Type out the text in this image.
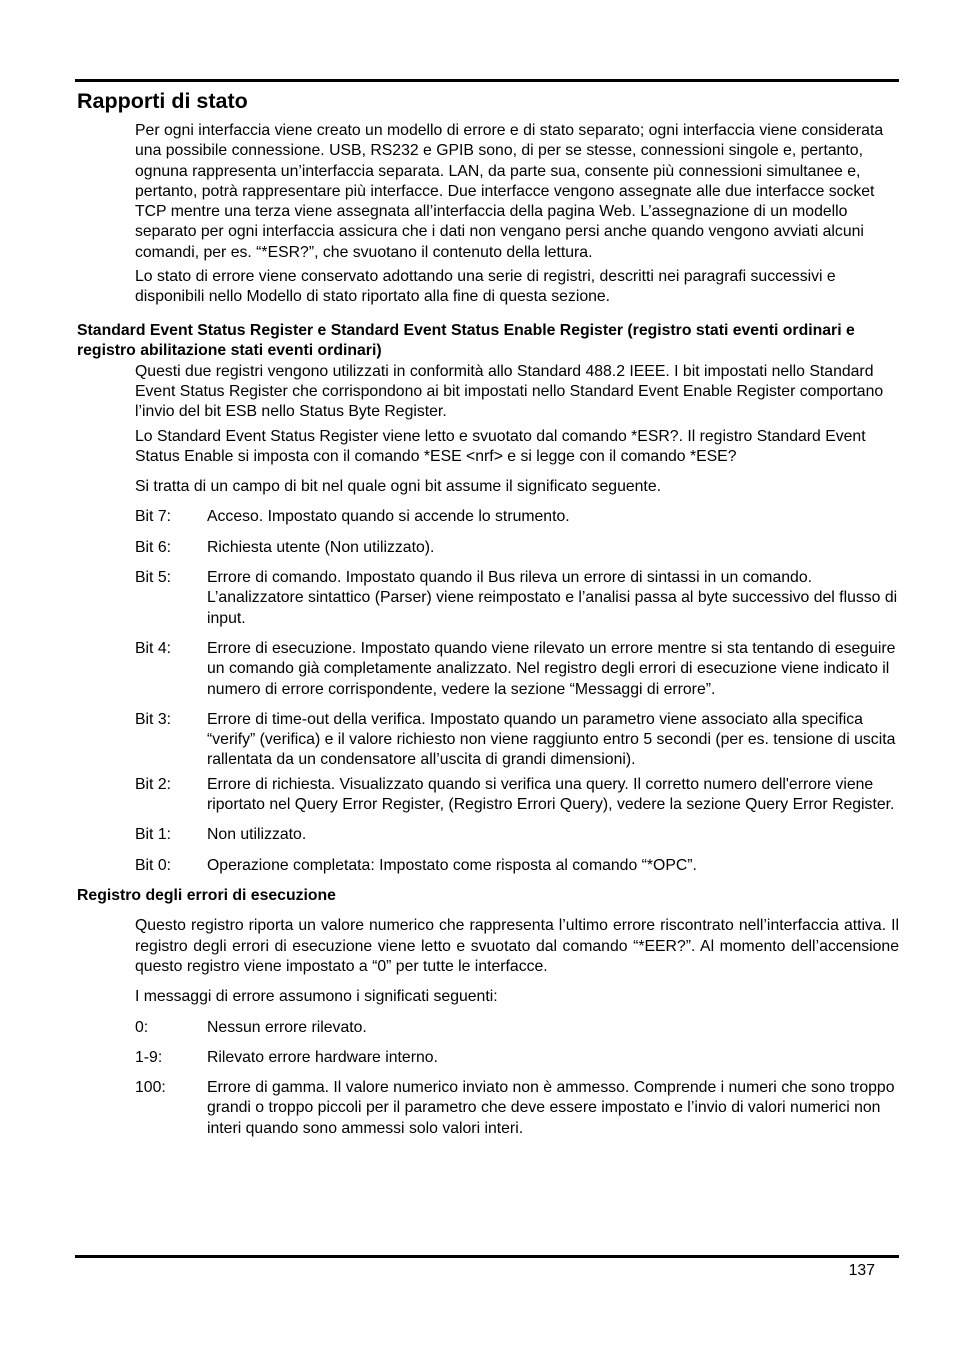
Rapporti di stato

Per ogni interfaccia viene creato un modello di errore e di stato separato; ogni interfaccia viene considerata una possibile connessione. USB, RS232 e GPIB sono, di per se stesse, connessioni singole e, pertanto, ognuna rappresenta un’interfaccia separata. LAN, da parte sua, consente più connessioni simultanee e, pertanto, potrà rappresentare più interfacce. Due interfacce vengono assegnate alle due interfacce socket TCP mentre una terza viene assegnata all’interfaccia della pagina Web. L’assegnazione di un modello separato per ogni interfaccia assicura che i dati non vengano persi anche quando vengono avviati alcuni comandi, per es. “*ESR?”, che svuotano il contenuto della lettura.

Lo stato di errore viene conservato adottando una serie di registri, descritti nei paragrafi successivi e disponibili nello Modello di stato riportato alla fine di questa sezione.

Standard Event Status Register e Standard Event Status Enable Register (registro stati eventi ordinari e registro abilitazione stati eventi ordinari)

Questi due registri vengono utilizzati in conformità allo Standard 488.2 IEEE. I bit impostati nello Standard Event Status Register che corrispondono ai bit impostati nello Standard Event Enable Register comportano l’invio del bit ESB nello Status Byte Register.

Lo Standard Event Status Register viene letto e svuotato dal comando *ESR?. Il registro Standard Event Status Enable si imposta con il comando *ESE <nrf> e si legge con il comando *ESE?

Si tratta di un campo di bit nel quale ogni bit assume il significato seguente.

Bit 7:	Acceso. Impostato quando si accende lo strumento.
Bit 6:	Richiesta utente (Non utilizzato).
Bit 5:	Errore di comando. Impostato quando il Bus rileva un errore di sintassi in un comando. L’analizzatore sintattico (Parser) viene reimpostato e l’analisi passa al byte successivo del flusso di input.
Bit 4:	Errore di esecuzione. Impostato quando viene rilevato un errore mentre si sta tentando di eseguire un comando già completamente analizzato. Nel registro degli errori di esecuzione viene indicato il numero di errore corrispondente, vedere la sezione “Messaggi di errore”.
Bit 3:	Errore di time-out della verifica. Impostato quando un parametro viene associato alla specifica “verify” (verifica) e il valore richiesto non viene raggiunto entro 5 secondi (per es. tensione di uscita rallentata da un condensatore all’uscita di grandi dimensioni).
Bit 2:	Errore di richiesta. Visualizzato quando si verifica una query. Il corretto numero dell'errore viene riportato nel Query Error Register, (Registro Errori Query), vedere la sezione Query Error Register.
Bit 1:	Non utilizzato.
Bit 0:	Operazione completata: Impostato come risposta al comando “*OPC”.
Registro degli errori di esecuzione

Questo registro riporta un valore numerico che rappresenta l’ultimo errore riscontrato nell’interfaccia attiva. Il registro degli errori di esecuzione viene letto e svuotato dal comando “*EER?”. Al momento dell’accensione questo registro viene impostato a “0” per tutte le interfacce.

I messaggi di errore assumono i significati seguenti:

0:	Nessun errore rilevato.
1-9:	Rilevato errore hardware interno.
100:	Errore di gamma. Il valore numerico inviato non è ammesso. Comprende i numeri che sono troppo grandi o troppo piccoli per il parametro che deve essere impostato e l’invio di valori numerici non interi quando sono ammessi solo valori interi.
137
